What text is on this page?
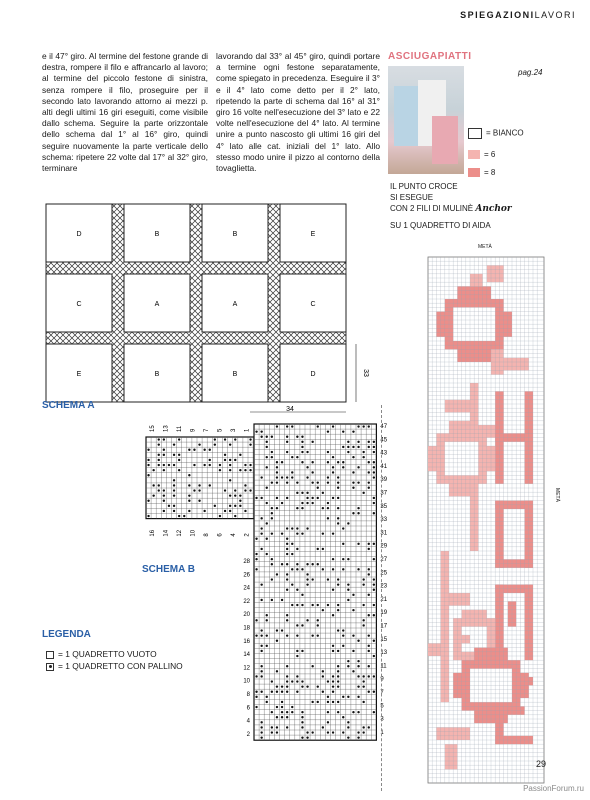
SPIEGAZIONILAVORI
e il 47° giro. Al termine del festone grande di destra, rompere il filo e affrancarlo al lavoro; al termine del piccolo festone di sinistra, senza rompere il filo, proseguire per il secondo lato lavorando attorno ai mezzi p. alti degli ultimi 16 giri eseguiti, come visibile dallo schema. Seguire la parte orizzontale dello schema dal 1° al 16° giro, quindi seguire nuovamente la parte verticale dello schema: ripetere 22 volte dal 17° al 32° giro, terminare
lavorando dal 33° al 45° giro, quindi portare a termine ogni festone separatamente, come spiegato in precedenza. Eseguire il 3° e il 4° lato come detto per il 2° lato, ripetendo la parte di schema dal 16° al 31° giro 16 volte nell'esecuzione del 3° lato e 22 volte nell'esecuzione del 4° lato. Al termine unire a punto nascosto gli ultimi 16 giri del 4° lato alle cat. iniziali del 1° lato. Allo stesso modo unire il pizzo al contorno della tovaglietta.
ASCIUGAPIATTI
pag.24
= BIANCO
= 6
= 8
IL PUNTO CROCE
SI ESEGUE
CON 2 FILI DI MULINÈ Anchor
SU 1 QUADRETTO DI AIDA
METÀ
METÀ
D	B	B	E
C	A	A	C
E	B	B	D
34
33
SCHEMA A
15 13 11 9 7 5 3 1
16 14 12 10 8 6 4 2
47
45
43
41
39
37
35
33
31
29
27
25
23
21
19
17
15
13
11
9
7
5
3
1
28
26
24
22
20
18
16
14
12
10
8
6
4
2
SCHEMA B
LEGENDA
= 1 QUADRETTO VUOTO
= 1 QUADRETTO CON PALLINO
29
PassionForum.ru
